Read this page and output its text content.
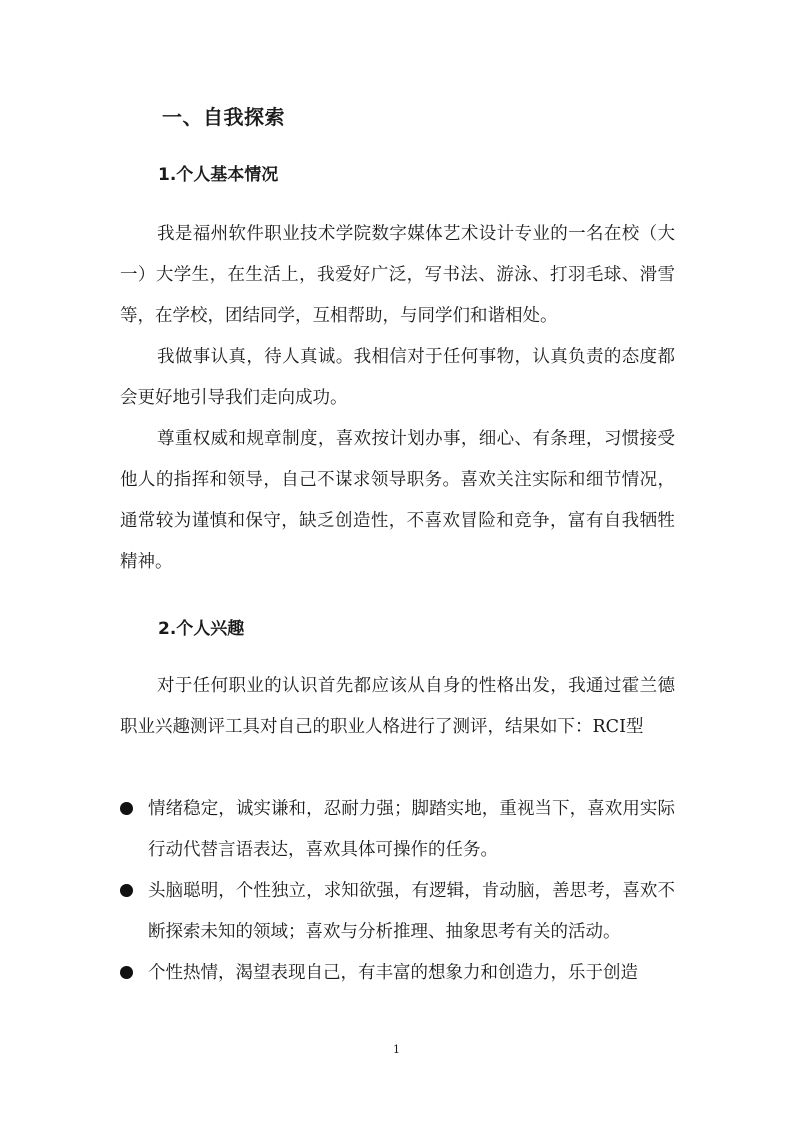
一、自我探索
1.个人基本情况

我是福州软件职业技术学院数字媒体艺术设计专业的一名在校（大一）大学生，在生活上，我爱好广泛，写书法、游泳、打羽毛球、滑雪等，在学校，团结同学，互相帮助，与同学们和谐相处。

我做事认真，待人真诚。我相信对于任何事物，认真负责的态度都会更好地引导我们走向成功。

尊重权威和规章制度，喜欢按计划办事，细心、有条理，习惯接受他人的指挥和领导，自己不谋求领导职务。喜欢关注实际和细节情况，通常较为谨慎和保守，缺乏创造性，不喜欢冒险和竞争，富有自我牺牲精神。

2.个人兴趣

对于任何职业的认识首先都应该从自身的性格出发，我通过霍兰德职业兴趣测评工具对自己的职业人格进行了测评，结果如下：RCI型

情绪稳定，诚实谦和，忍耐力强；脚踏实地，重视当下，喜欢用实际行动代替言语表达，喜欢具体可操作的任务。

头脑聪明，个性独立，求知欲强，有逻辑，肯动脑，善思考，喜欢不断探索未知的领域；喜欢与分析推理、抽象思考有关的活动。

个性热情，渴望表现自己，有丰富的想象力和创造力，乐于创造

1
